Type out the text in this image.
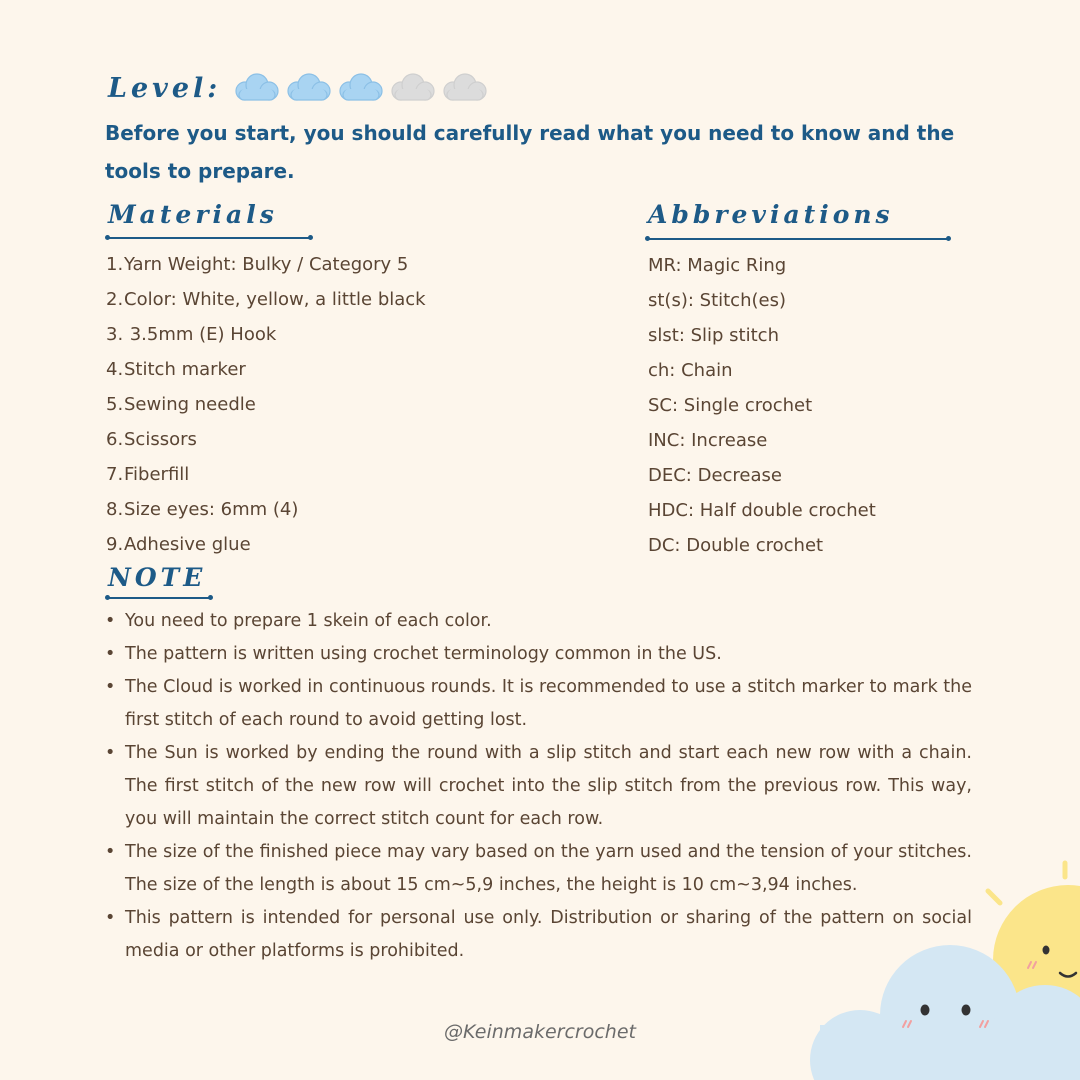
Level:
Before you start, you should carefully read what you need to know and the tools to prepare.
Materials
1.Yarn Weight: Bulky / Category 5
2.Color: White, yellow, a little black
3. 3.5mm (E) Hook
4.Stitch marker
5.Sewing needle
6.Scissors
7.Fiberfill
8.Size eyes: 6mm (4)
9.Adhesive glue
Abbreviations
MR: Magic Ring
st(s): Stitch(es)
slst: Slip stitch
ch: Chain
SC: Single crochet
INC: Increase
DEC: Decrease
HDC: Half double crochet
DC: Double crochet
NOTE
• You need to prepare 1 skein of each color.
• The pattern is written using crochet terminology common in the US.
• The Cloud is worked in continuous rounds. It is recommended to use a stitch marker to mark the first stitch of each round to avoid getting lost.
• The Sun is worked by ending the round with a slip stitch and start each new row with a chain. The first stitch of the new row will crochet into the slip stitch from the previous row. This way, you will maintain the correct stitch count for each row.
• The size of the finished piece may vary based on the yarn used and the tension of your stitches. The size of the length is about 15 cm~5,9 inches, the height is 10 cm~3,94 inches.
• This pattern is intended for personal use only. Distribution or sharing of the pattern on social media or other platforms is prohibited.
@Keinmakercrochet
